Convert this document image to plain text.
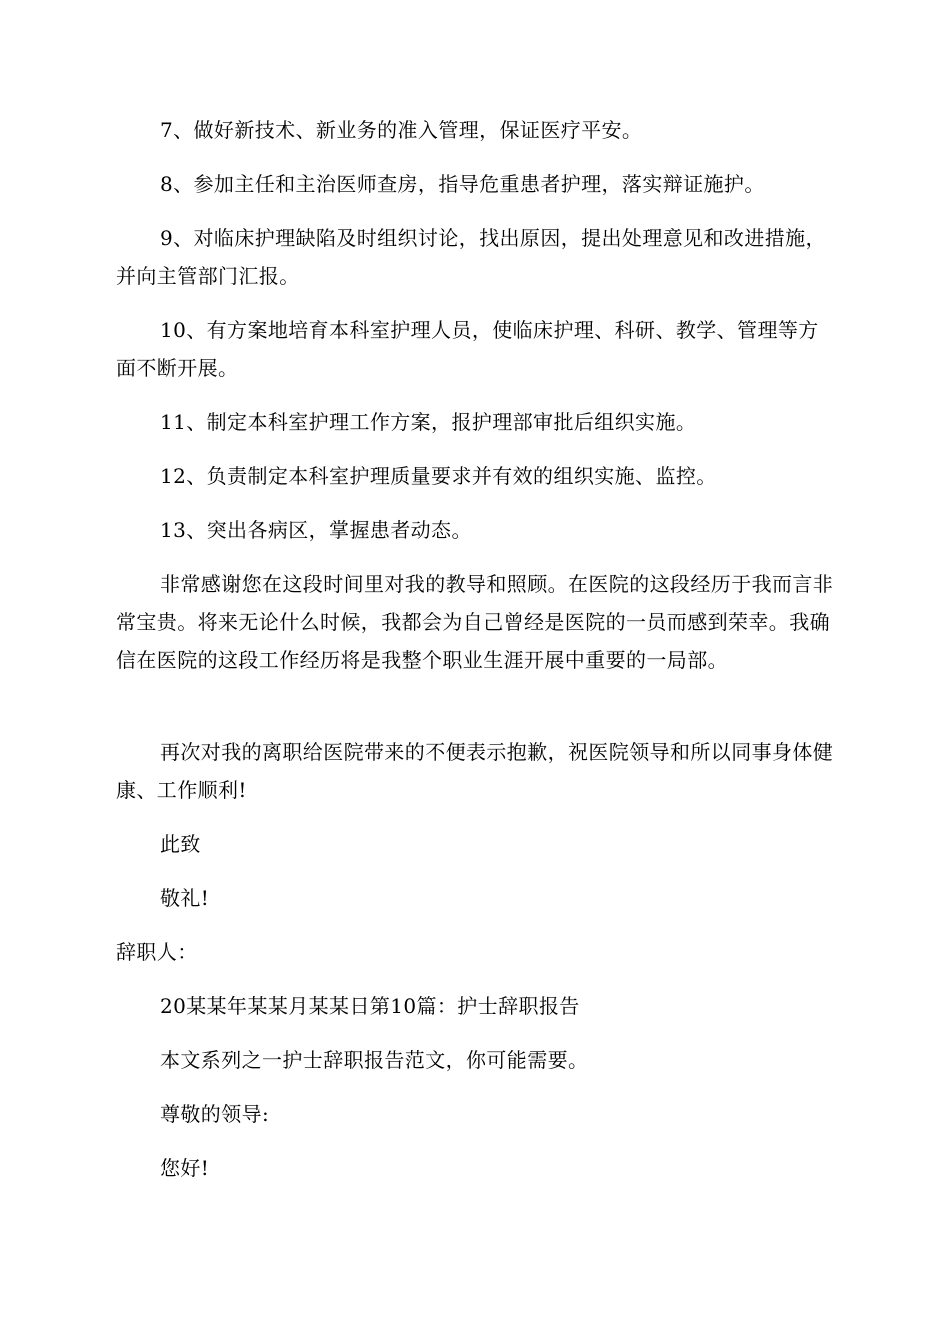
7、做好新技术、新业务的准入管理，保证医疗平安。

8、参加主任和主治医师查房，指导危重患者护理，落实辩证施护。

9、对临床护理缺陷及时组织讨论，找出原因，提出处理意见和改进措施，并向主管部门汇报。

10、有方案地培育本科室护理人员，使临床护理、科研、教学、管理等方面不断开展。

11、制定本科室护理工作方案，报护理部审批后组织实施。

12、负责制定本科室护理质量要求并有效的组织实施、监控。

13、突出各病区，掌握患者动态。

非常感谢您在这段时间里对我的教导和照顾。在医院的这段经历于我而言非常宝贵。将来无论什么时候，我都会为自己曾经是医院的一员而感到荣幸。我确信在医院的这段工作经历将是我整个职业生涯开展中重要的一局部。

再次对我的离职给医院带来的不便表示抱歉，祝医院领导和所以同事身体健康、工作顺利!

此致

敬礼!

辞职人：

20某某年某某月某某日第10篇：护士辞职报告

本文系列之一护士辞职报告范文，你可能需要。

尊敬的领导:

您好!
